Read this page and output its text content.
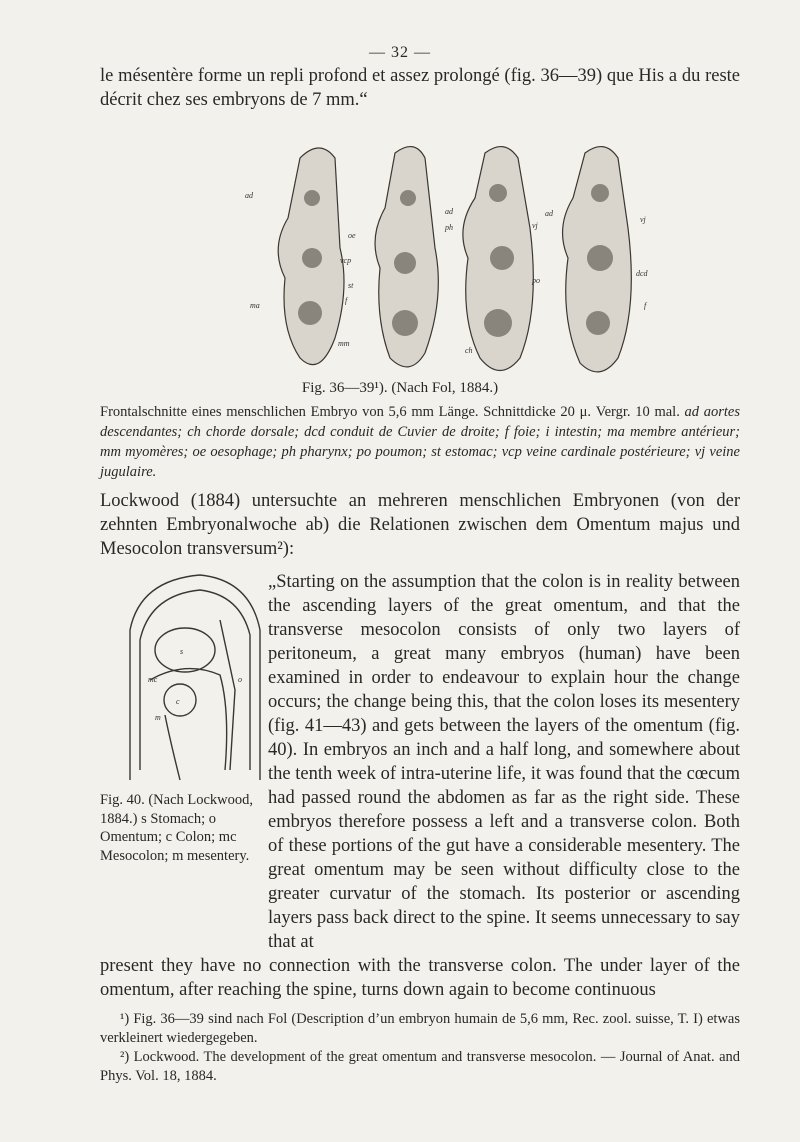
— 32 —

le mésentère forme un repli profond et assez prolongé (fig. 36—39) que His a du reste décrit chez ses embryons de 7 mm.“

ad
oe
vcp
st
f
ma
mm
ad
ph	vj
po
ch
ad
vj
dcd
f
Fig. 36—39¹). (Nach Fol, 1884.)

Frontalschnitte eines menschlichen Embryo von 5,6 mm Länge. Schnittdicke 20 μ. Vergr. 10 mal. ad aortes descendantes; ch chorde dorsale; dcd conduit de Cuvier de droite; f foie; i intestin; ma membre antérieur; mm myomères; oe oesophage; ph pharynx; po poumon; st estomac; vcp veine cardinale postérieure; vj veine jugulaire.

Lockwood (1884) untersuchte an mehreren menschlichen Embryonen (von der zehnten Embryonalwoche ab) die Relationen zwischen dem Omentum majus und Mesocolon transversum²):

s
c
mc	o
m
Fig. 40. (Nach Lockwood, 1884.) s Stomach; o Omentum; c Colon; mc Mesocolon; m mesentery.

„Starting on the assumption that the colon is in reality between the ascending layers of the great omentum, and that the transverse mesocolon consists of only two layers of peritoneum, a great many embryos (human) have been examined in order to endeavour to explain hour the change occurs; the change being this, that the colon loses its mesentery (fig. 41—43) and gets between the layers of the omentum (fig. 40). In embryos an inch and a half long, and somewhere about the tenth week of intra-uterine life, it was found that the cœcum had passed round the abdomen as far as the right side. These embryos therefore possess a left and a transverse colon. Both of these portions of the gut have a considerable mesentery. The great omentum may be seen without difficulty close to the greater curvatur of the stomach. Its posterior or ascending layers pass back direct to the spine. It seems unnecessary to say that at

present they have no connection with the transverse colon. The under layer of the omentum, after reaching the spine, turns down again to become continuous

¹) Fig. 36—39 sind nach Fol (Description d’un embryon humain de 5,6 mm, Rec. zool. suisse, T. I) etwas verkleinert wiedergegeben.

²) Lockwood. The development of the great omentum and transverse mesocolon. — Journal of Anat. and Phys. Vol. 18, 1884.
